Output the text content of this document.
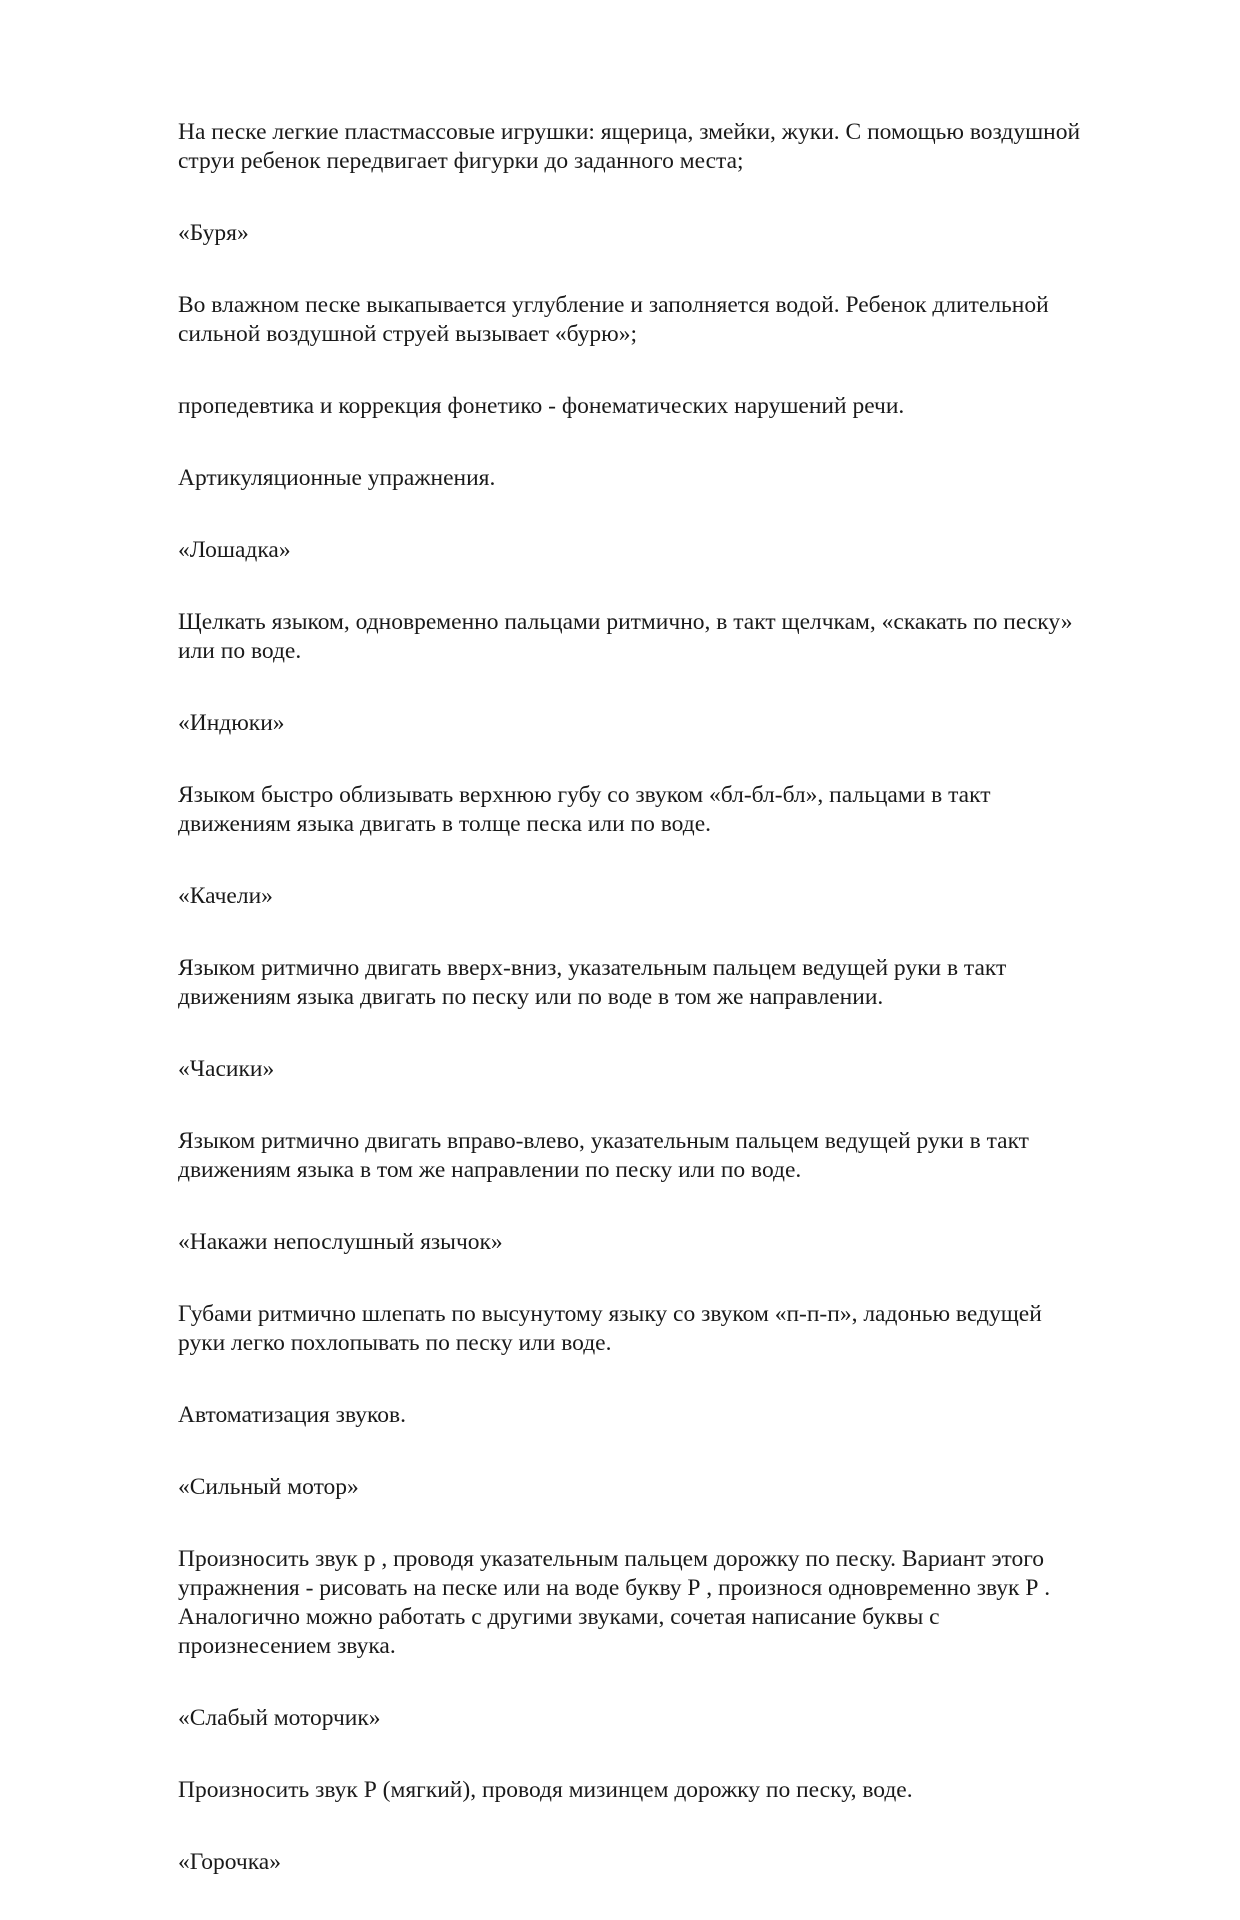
На песке легкие пластмассовые игрушки: ящерица, змейки, жуки. С помощью воздушной
струи ребенок передвигает фигурки до заданного места;

«Буря»

Во влажном песке выкапывается углубление и заполняется водой. Ребенок длительной
сильной воздушной струей вызывает «бурю»;

пропедевтика и коррекция фонетико - фонематических нарушений речи.

Артикуляционные упражнения.

«Лошадка»

Щелкать языком, одновременно пальцами ритмично, в такт щелчкам, «скакать по песку»
или по воде.

«Индюки»

Языком быстро облизывать верхнюю губу со звуком «бл-бл-бл», пальцами в такт
движениям языка двигать в толще песка или по воде.

«Качели»

Языком ритмично двигать вверх-вниз, указательным пальцем ведущей руки в такт
движениям языка двигать по песку или по воде в том же направлении.

«Часики»

Языком ритмично двигать вправо-влево, указательным пальцем ведущей руки в такт
движениям языка в том же направлении по песку или по воде.

«Накажи непослушный язычок»

Губами ритмично шлепать по высунутому языку со звуком «п-п-п», ладонью ведущей
руки легко похлопывать по песку или воде.

Автоматизация звуков.

«Сильный мотор»

Произносить звук р , проводя указательным пальцем дорожку по песку. Вариант этого
упражнения - рисовать на песке или на воде букву Р , произнося одновременно звук Р .
Аналогично можно работать с другими звуками, сочетая написание буквы с
произнесением звука.

«Слабый моторчик»

Произносить звук Р (мягкий), проводя мизинцем дорожку по песку, воде.

«Горочка»
